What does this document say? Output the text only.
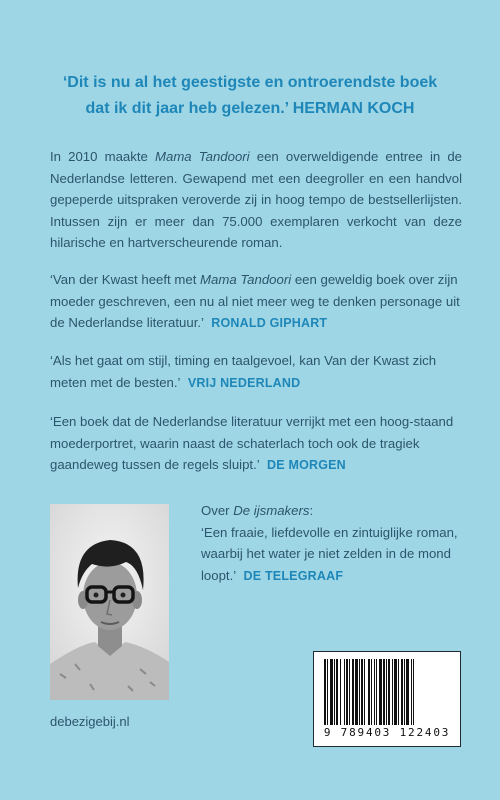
‘Dit is nu al het geestigste en ontroerendste boek
dat ik dit jaar heb gelezen.’ HERMAN KOCH
In 2010 maakte Mama Tandoori een overweldigende entree in de Nederlandse letteren. Gewapend met een deegroller en een handvol gepeperde uitspraken veroverde zij in hoog tempo de bestsellerlijsten. Intussen zijn er meer dan 75.000 exemplaren verkocht van deze hilarische en hartverscheurende roman.
‘Van der Kwast heeft met Mama Tandoori een geweldig boek over zijn moeder geschreven, een nu al niet meer weg te denken personage uit de Nederlandse literatuur.’ RONALD GIPHART
‘Als het gaat om stijl, timing en taalgevoel, kan Van der Kwast zich meten met de besten.’ VRIJ NEDERLAND
‘Een boek dat de Nederlandse literatuur verrijkt met een hoog-staand moederportret, waarin naast de schaterlach toch ook de tragiek gaandeweg tussen de regels sluipt.’ DE MORGEN
Over De ijsmakers:
‘Een fraaie, liefdevolle en zintuiglijke roman, waarbij het water je niet zelden in de mond loopt.’ DE TELEGRAAF
9 789403 122403
debezigebij.nl
